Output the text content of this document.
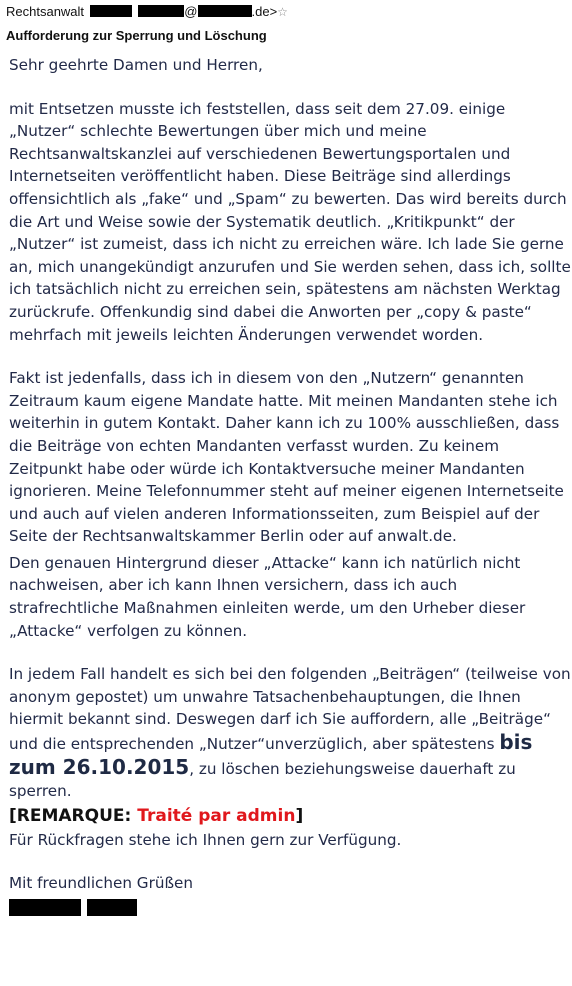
Rechtsanwalt	@	.de>☆
Aufforderung zur Sperrung und Löschung

Sehr geehrte Damen und Herren,

mit Entsetzen musste ich feststellen, dass seit dem 27.09. einige „Nutzer“ schlechte Bewertungen über mich und meine Rechtsanwaltskanzlei auf verschiedenen Bewertungsportalen und Internetseiten veröffentlicht haben. Diese Beiträge sind allerdings offensichtlich als „fake“ und „Spam“ zu bewerten. Das wird bereits durch die Art und Weise sowie der Systematik deutlich. „Kritikpunkt“ der „Nutzer“ ist zumeist, dass ich nicht zu erreichen wäre. Ich lade Sie gerne an, mich unangekündigt anzurufen und Sie werden sehen, dass ich, sollte ich tatsächlich nicht zu erreichen sein, spätestens am nächsten Werktag zurückrufe. Offenkundig sind dabei die Anworten per „copy & paste“ mehrfach mit jeweils leichten Änderungen verwendet worden.

Fakt ist jedenfalls, dass ich in diesem von den „Nutzern“ genannten Zeitraum kaum eigene Mandate hatte. Mit meinen Mandanten stehe ich weiterhin in gutem Kontakt. Daher kann ich zu 100% ausschließen, dass die Beiträge von echten Mandanten verfasst wurden. Zu keinem Zeitpunkt habe oder würde ich Kontaktversuche meiner Mandanten ignorieren. Meine Telefonnummer steht auf meiner eigenen Internetseite und auch auf vielen anderen Informationsseiten, zum Beispiel auf der Seite der Rechtsanwaltskammer Berlin oder auf anwalt.de.

Den genauen Hintergrund dieser „Attacke“ kann ich natürlich nicht nachweisen, aber ich kann Ihnen versichern, dass ich auch strafrechtliche Maßnahmen einleiten werde, um den Urheber dieser „Attacke“ verfolgen zu können.

In jedem Fall handelt es sich bei den folgenden „Beiträgen“ (teilweise von anonym gepostet) um unwahre Tatsachenbehauptungen, die Ihnen hiermit bekannt sind. Deswegen darf ich Sie auffordern, alle „Beiträge“ und die entsprechenden „Nutzer“unverzüglich, aber spätestens bis zum 26.10.2015, zu löschen beziehungsweise dauerhaft zu sperren.

[REMARQUE: Traité par admin]

Für Rückfragen stehe ich Ihnen gern zur Verfügung.

Mit freundlichen Grüßen
